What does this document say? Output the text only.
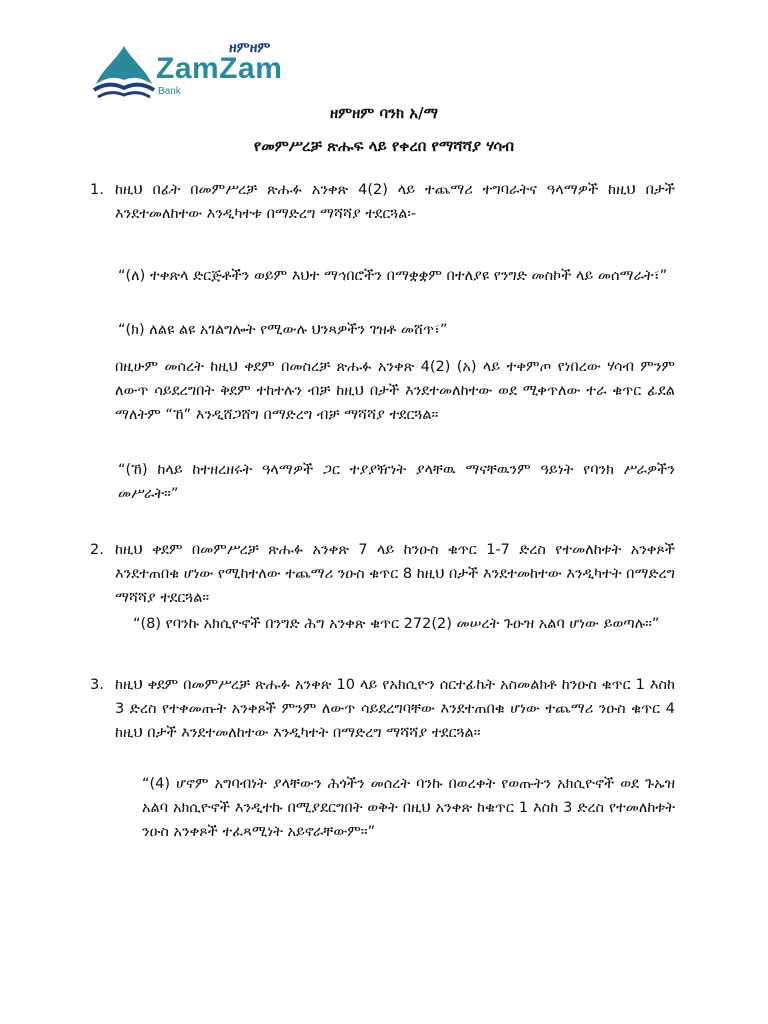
ዘምዘም
ZamZam
Bank
ዘምዘም ባንክ አ/ማ
የመምሥረቻ ጽሑፍ ላይ የቀረበ የማሻሻያ ሃሳብ
1. ከዚህ በፊት በመምሥረቻ ጽሑፉ አንቀጽ 4(2) ላይ ተጨማሪ ተግባራትና ዓላማዎች ከዚህ በታች እንደተመለከተው እንዲካተቱ በማድረግ ማሻሻያ ተደርጓል፡-
“(ለ) ተቀጽላ ድርጅቶችን ወይም እህተ ማኅበሮችን በማቋቋም በተለያዩ የንግድ መስኮች ላይ መሰማራት፣”
“(ክ) ለልዩ ልዩ አገልግሎት የሚውሉ ህንጻዎችን ገዝቶ መሸጥ፣”
በዚሁም መሰረት ከዚህ ቀደም በመስረቻ ጽሑፉ አንቀጽ 4(2) (አ) ላይ ተቀምጦ የነበረው ሃሳብ ምንም ለውጥ ሳይደረግበት ቅደም ተከተሉን ብቻ ከዚህ በታች እንደተመለከተው ወደ ሚቀጥለው ተራ ቁጥር ፊደል ማለትም “ኸ” እንዲሸጋሸግ በማድረግ ብቻ ማሻሻያ ተደርጓል።
“(ኸ) ከላይ ከተዘረዘሩት ዓላማዎች ጋር ተያያዥነት ያላቸዉ ማናቸዉንም ዓይነት የባንክ ሥራዎችን መሥራት።”
2. ከዚህ ቀደም በመምሥረቻ ጽሑፉ አንቀጽ 7 ላይ ከንዑስ ቁጥር 1-7 ድረስ የተመለከቱት አንቀጾች እንደተጠበቁ ሆነው የሚከተለው ተጨማሪ ንዑስ ቁጥር 8 ከዚህ በታች እንደተመከተው እንዲካተት በማድረግ ማሻሻያ ተደርጓል።
“(8) የባንኩ አክሲዮኖች በንግድ ሕግ አንቀጽ ቁጥር 272(2) መሠረት ጉዑዝ አልባ ሆነው ይወጣሉ።”
3. ከዚህ ቀደም በመምሥረቻ ጽሑፉ አንቀጽ 10 ላይ የአክሲዮን ሰርተፊኬት አስመልክቶ ከንዑስ ቁጥር 1 እስከ 3 ድረስ የተቀመጡት አንቀጾች ምንም ለውጥ ሳይደረግባቸው እንደተጠበቁ ሆነው ተጨማሪ ንዑስ ቁጥር 4 ከዚህ በታች እንደተመለከተው እንዲካተት በማድረግ ማሻሻያ ተደርጓል።
“(4) ሆኖም አግባብነት ያላቸውን ሕጎችን መሰረት ባንኩ በወረቀት የወጡትን አክሲዮኖች ወደ ጉኡዝ አልባ አክሲዮኖች እንዲተኩ በሚያደርግበት ወቅት በዚህ አንቀጽ ከቁጥር 1 እስከ 3 ድረስ የተመለከቱት ንዑስ አንቀጾች ተፈጻሚነት አይኖራቸውም።”
